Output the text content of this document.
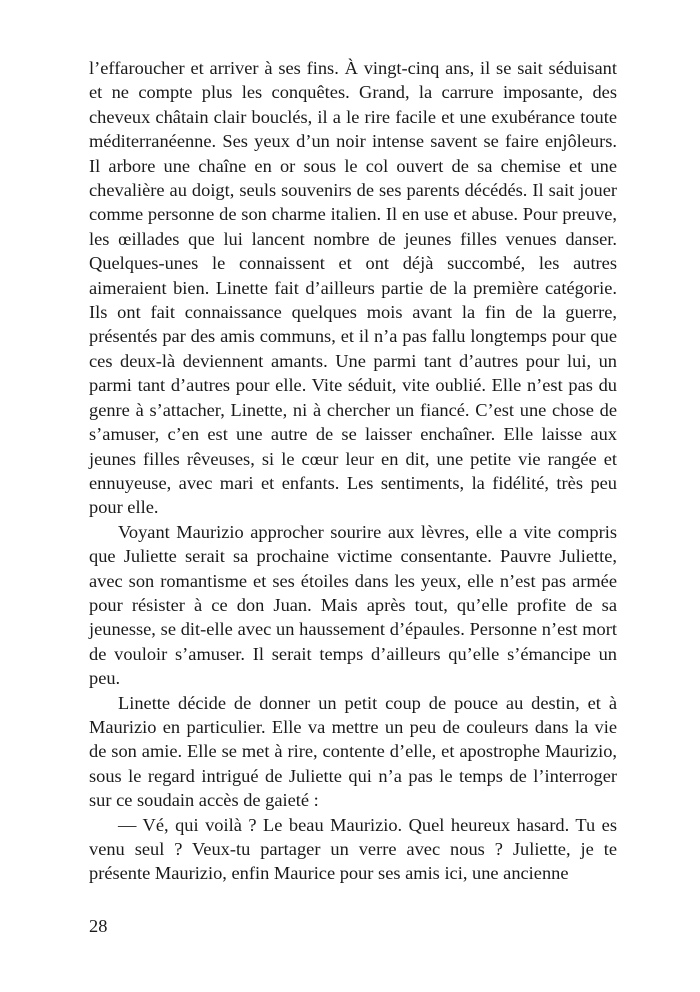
l’effaroucher et arriver à ses fins. À vingt-cinq ans, il se sait séduisant et ne compte plus les conquêtes. Grand, la carrure imposante, des cheveux châtain clair bouclés, il a le rire facile et une exubérance toute méditerranéenne. Ses yeux d’un noir intense savent se faire enjôleurs. Il arbore une chaîne en or sous le col ouvert de sa chemise et une chevalière au doigt, seuls souvenirs de ses parents décédés. Il sait jouer comme personne de son charme italien. Il en use et abuse. Pour preuve, les œillades que lui lancent nombre de jeunes filles venues danser. Quelques-unes le connaissent et ont déjà succombé, les autres aimeraient bien. Linette fait d’ailleurs partie de la première catégorie. Ils ont fait connaissance quelques mois avant la fin de la guerre, présentés par des amis communs, et il n’a pas fallu longtemps pour que ces deux-là deviennent amants. Une parmi tant d’autres pour lui, un parmi tant d’autres pour elle. Vite séduit, vite oublié. Elle n’est pas du genre à s’attacher, Linette, ni à chercher un fiancé. C’est une chose de s’amuser, c’en est une autre de se laisser enchaîner. Elle laisse aux jeunes filles rêveuses, si le cœur leur en dit, une petite vie rangée et ennuyeuse, avec mari et enfants. Les sentiments, la fidélité, très peu pour elle.

Voyant Maurizio approcher sourire aux lèvres, elle a vite compris que Juliette serait sa prochaine victime consentante. Pauvre Juliette, avec son romantisme et ses étoiles dans les yeux, elle n’est pas armée pour résister à ce don Juan. Mais après tout, qu’elle profite de sa jeunesse, se dit-elle avec un haussement d’épaules. Personne n’est mort de vouloir s’amuser. Il serait temps d’ailleurs qu’elle s’émancipe un peu.

Linette décide de donner un petit coup de pouce au destin, et à Maurizio en particulier. Elle va mettre un peu de couleurs dans la vie de son amie. Elle se met à rire, contente d’elle, et apostrophe Maurizio, sous le regard intrigué de Juliette qui n’a pas le temps de l’interroger sur ce soudain accès de gaieté :

— Vé, qui voilà ? Le beau Maurizio. Quel heureux hasard. Tu es venu seul ? Veux-tu partager un verre avec nous ? Juliette, je te présente Maurizio, enfin Maurice pour ses amis ici, une ancienne

28
